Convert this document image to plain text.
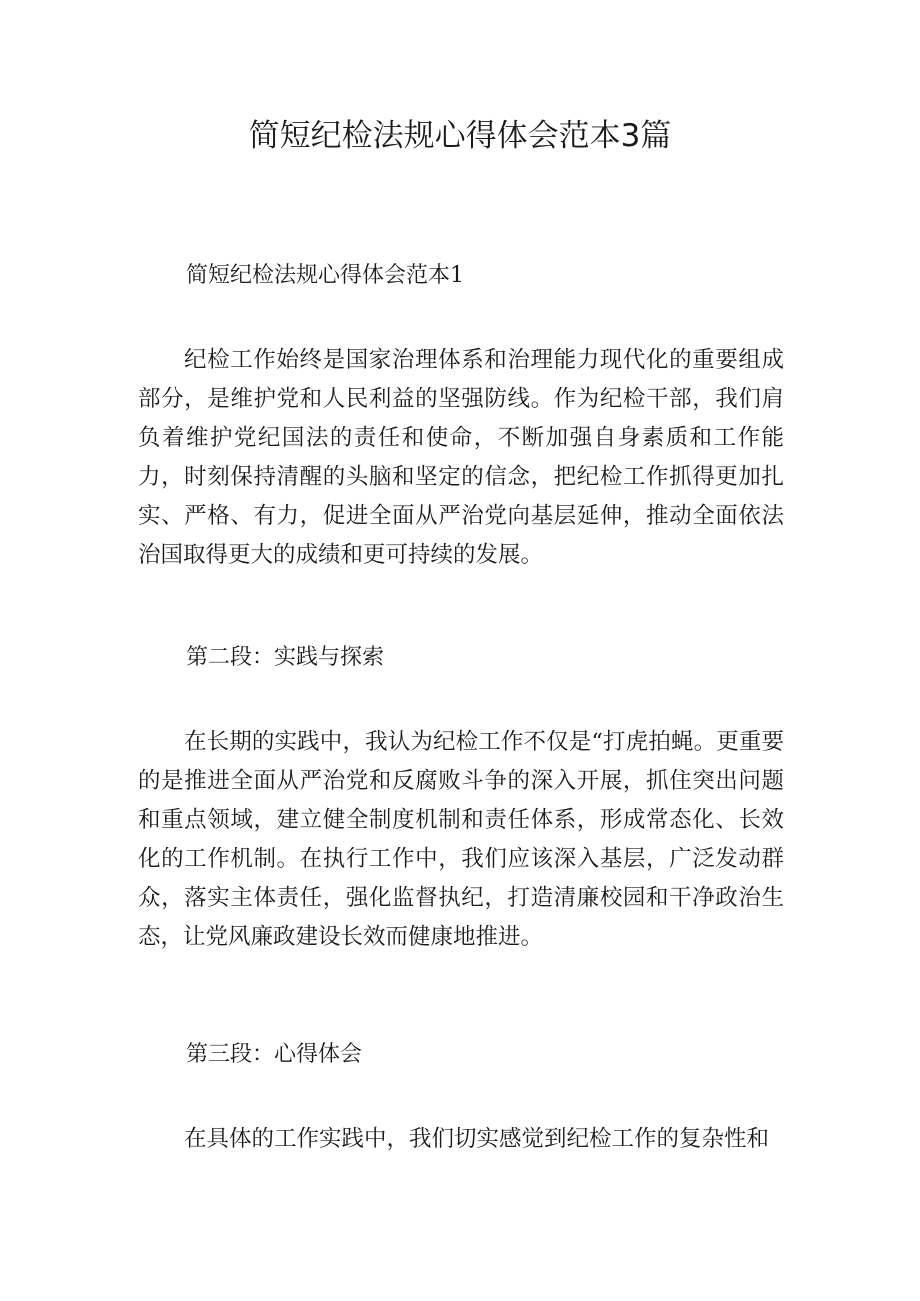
简短纪检法规心得体会范本3篇

简短纪检法规心得体会范本1

纪检工作始终是国家治理体系和治理能力现代化的重要组成部分，是维护党和人民利益的坚强防线。作为纪检干部，我们肩负着维护党纪国法的责任和使命，不断加强自身素质和工作能力，时刻保持清醒的头脑和坚定的信念，把纪检工作抓得更加扎实、严格、有力，促进全面从严治党向基层延伸，推动全面依法治国取得更大的成绩和更可持续的发展。

第二段：实践与探索

在长期的实践中，我认为纪检工作不仅是“打虎拍蝇。更重要的是推进全面从严治党和反腐败斗争的深入开展，抓住突出问题和重点领域，建立健全制度机制和责任体系，形成常态化、长效化的工作机制。在执行工作中，我们应该深入基层，广泛发动群众，落实主体责任，强化监督执纪，打造清廉校园和干净政治生态，让党风廉政建设长效而健康地推进。

第三段：心得体会

在具体的工作实践中，我们切实感觉到纪检工作的复杂性和
